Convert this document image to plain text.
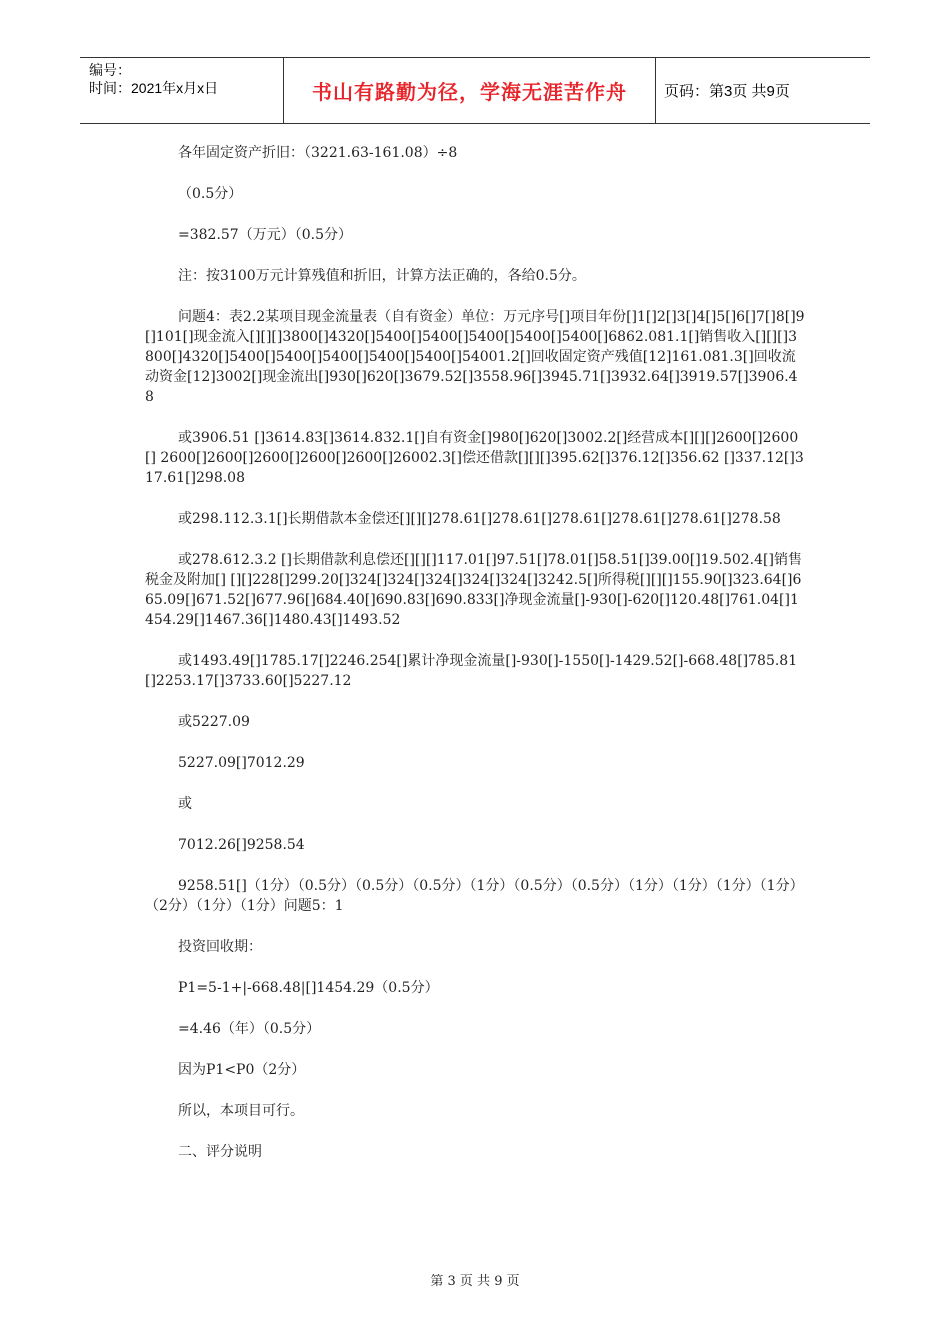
编号：
时间：2021年x月x日	书山有路勤为径，学海无涯苦作舟	页码：第3页 共9页

各年固定资产折旧：（3221.63-161.08）÷8

（0.5分）

=382.57（万元）（0.5分）

注：按3100万元计算残值和折旧，计算方法正确的，各给0.5分。

问题4：表2.2某项目现金流量表（自有资金）单位：万元序号[]项目年份[]1[]2[]3[]4[]5[]6[]7[]8[]9[]101[]现金流入[][][]3800[]4320[]5400[]5400[]5400[]5400[]5400[]6862.081.1[]销售收入[][][]3800[]4320[]5400[]5400[]5400[]5400[]5400[]54001.2[]回收固定资产残值[12]161.081.3[]回收流动资金[12]3002[]现金流出[]930[]620[]3679.52[]3558.96[]3945.71[]3932.64[]3919.57[]3906.48

或3906.51 []3614.83[]3614.832.1[]自有资金[]980[]620[]3002.2[]经营成本[][][]2600[]2600[] 2600[]2600[]2600[]2600[]2600[]26002.3[]偿还借款[][][]395.62[]376.12[]356.62 []337.12[]317.61[]298.08

或298.112.3.1[]长期借款本金偿还[][][]278.61[]278.61[]278.61[]278.61[]278.61[]278.58

或278.612.3.2 []长期借款利息偿还[][][]117.01[]97.51[]78.01[]58.51[]39.00[]19.502.4[]销售税金及附加[] [][]228[]299.20[]324[]324[]324[]324[]324[]3242.5[]所得税[][][]155.90[]323.64[]665.09[]671.52[]677.96[]684.40[]690.83[]690.833[]净现金流量[]-930[]-620[]120.48[]761.04[]1454.29[]1467.36[]1480.43[]1493.52

或1493.49[]1785.17[]2246.254[]累计净现金流量[]-930[]-1550[]-1429.52[]-668.48[]785.81[]2253.17[]3733.60[]5227.12

或5227.09

5227.09[]7012.29

或

7012.26[]9258.54

9258.51[]（1分）（0.5分）（0.5分）（0.5分）（1分）（0.5分）（0.5分）（1分）（1分）（1分）（1分）（2分）（1分）（1分）问题5：1

投资回收期：

P1=5-1+|-668.48|[]1454.29（0.5分）

=4.46（年）（0.5分）

因为P1<P0（2分）

所以，本项目可行。

二、评分说明

第 3 页 共 9 页
